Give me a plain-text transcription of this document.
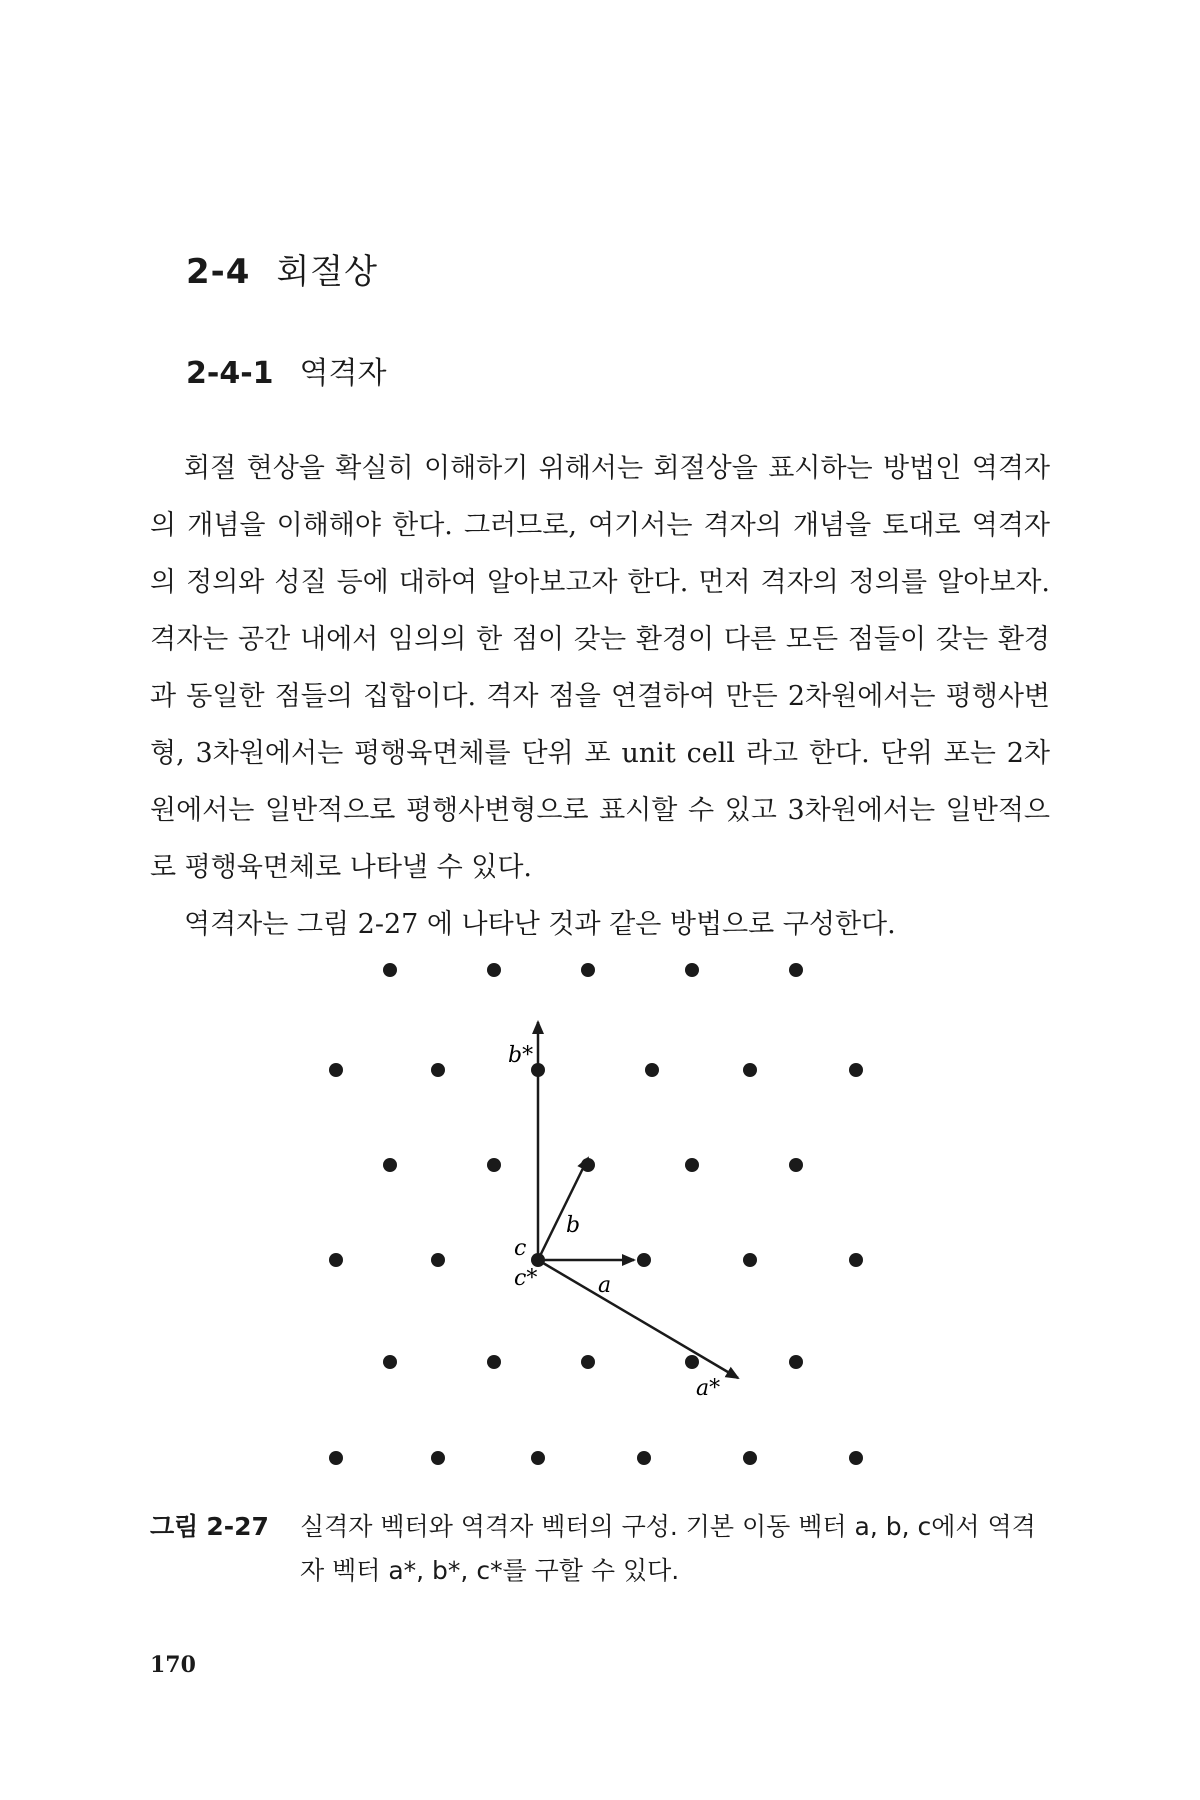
2-4 회절상
2-4-1 역격자

회절 현상을 확실히 이해하기 위해서는 회절상을 표시하는 방법인 역격자의 개념을 이해해야 한다. 그러므로, 여기서는 격자의 개념을 토대로 역격자의 정의와 성질 등에 대하여 알아보고자 한다. 먼저 격자의 정의를 알아보자. 격자는 공간 내에서 임의의 한 점이 갖는 환경이 다른 모든 점들이 갖는 환경과 동일한 점들의 집합이다. 격자 점을 연결하여 만든 2차원에서는 평행사변형, 3차원에서는 평행육면체를 단위 포 unit cell 라고 한다. 단위 포는 2차원에서는 일반적으로 평행사변형으로 표시할 수 있고 3차원에서는 일반적으로 평행육면체로 나타낼 수 있다.

역격자는 그림 2-27 에 나타난 것과 같은 방법으로 구성한다.

b*
b
c
c*	a
a*
그림 2-27 실격자 벡터와 역격자 벡터의 구성. 기본 이동 벡터 a, b, c에서 역격자 벡터 a*, b*, c*를 구할 수 있다.
170
